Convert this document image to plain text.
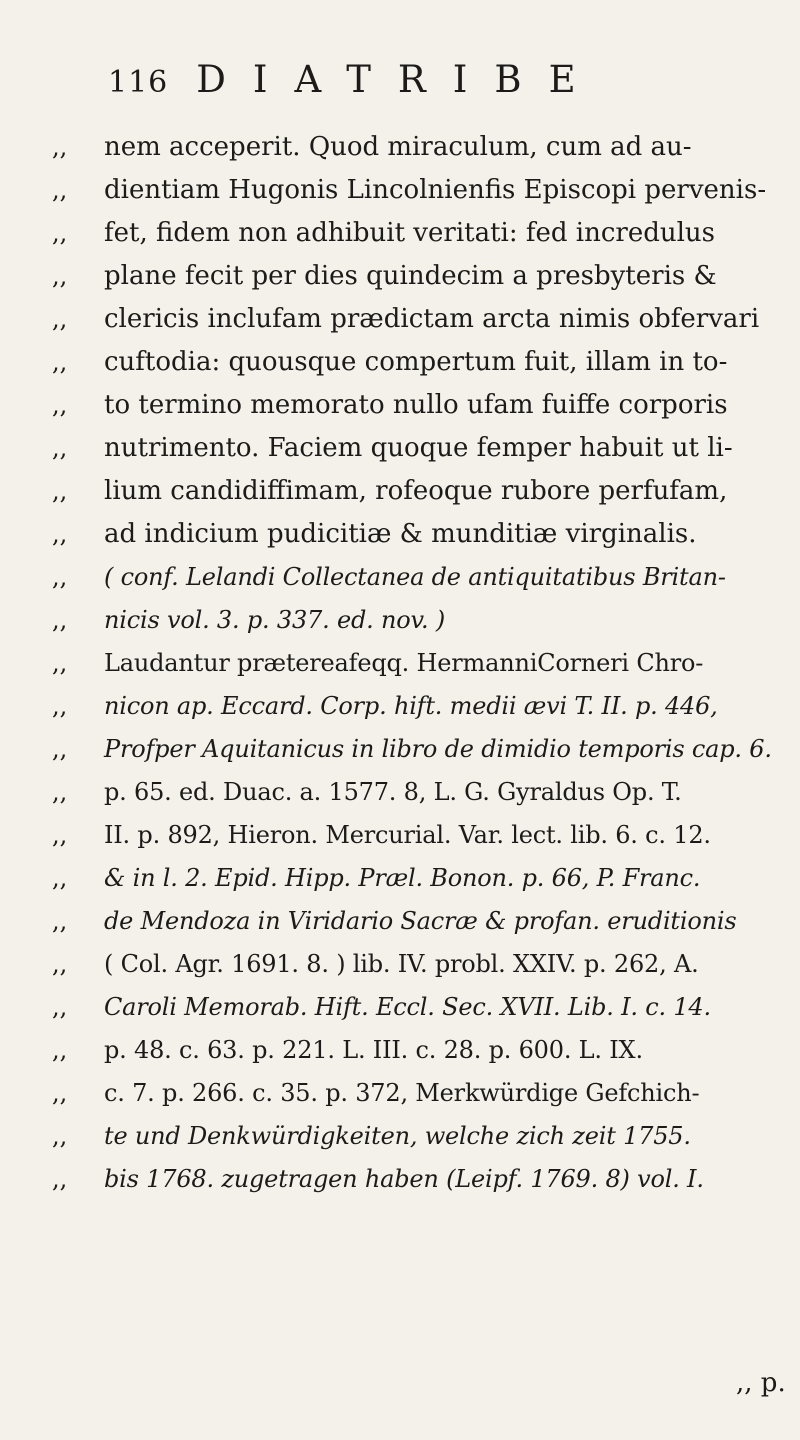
116 DIATRIBE
,,	nem acceperit. Quod miraculum, cum ad au-
,,	dientiam Hugonis Lincolnienfis Episcopi pervenis-
,,	fet, fidem non adhibuit veritati: fed incredulus
,,	plane fecit per dies quindecim a presbyteris &
,,	clericis inclufam prædictam arcta nimis obfervari
,,	cuftodia: quousque compertum fuit, illam in to-
,,	to termino memorato nullo ufam fuiffe corporis
,,	nutrimento. Faciem quoque femper habuit ut li-
,,	lium candidiffimam, rofeoque rubore perfufam,
,,	ad indicium pudicitiæ & munditiæ virginalis.
,,	( conf. Lelandi Collectanea de antiquitatibus Britan-
,,	nicis vol. 3. p. 337. ed. nov. )
,,	Laudantur prætereafeqq. HermanniCorneri Chro-
,,	nicon ap. Eccard. Corp. hift. medii ævi T. II. p. 446,
,,	Profper Aquitanicus in libro de dimidio temporis cap. 6.
,,	p. 65. ed. Duac. a. 1577. 8, L. G. Gyraldus Op. T.
,,	II. p. 892, Hieron. Mercurial. Var. lect. lib. 6. c. 12.
,,	& in l. 2. Epid. Hipp. Præl. Bonon. p. 66, P. Franc.
,,	de Mendoza in Viridario Sacræ & profan. eruditionis
,,	( Col. Agr. 1691. 8. ) lib. IV. probl. XXIV. p. 262, A.
,,	Caroli Memorab. Hift. Eccl. Sec. XVII. Lib. I. c. 14.
,,	p. 48. c. 63. p. 221. L. III. c. 28. p. 600. L. IX.
,,	c. 7. p. 266. c. 35. p. 372, Merkwürdige Gefchich-
,,	te und Denkwürdigkeiten, welche zich zeit 1755.
,,	bis 1768. zugetragen haben (Leipf. 1769. 8) vol. I.
,, p.
